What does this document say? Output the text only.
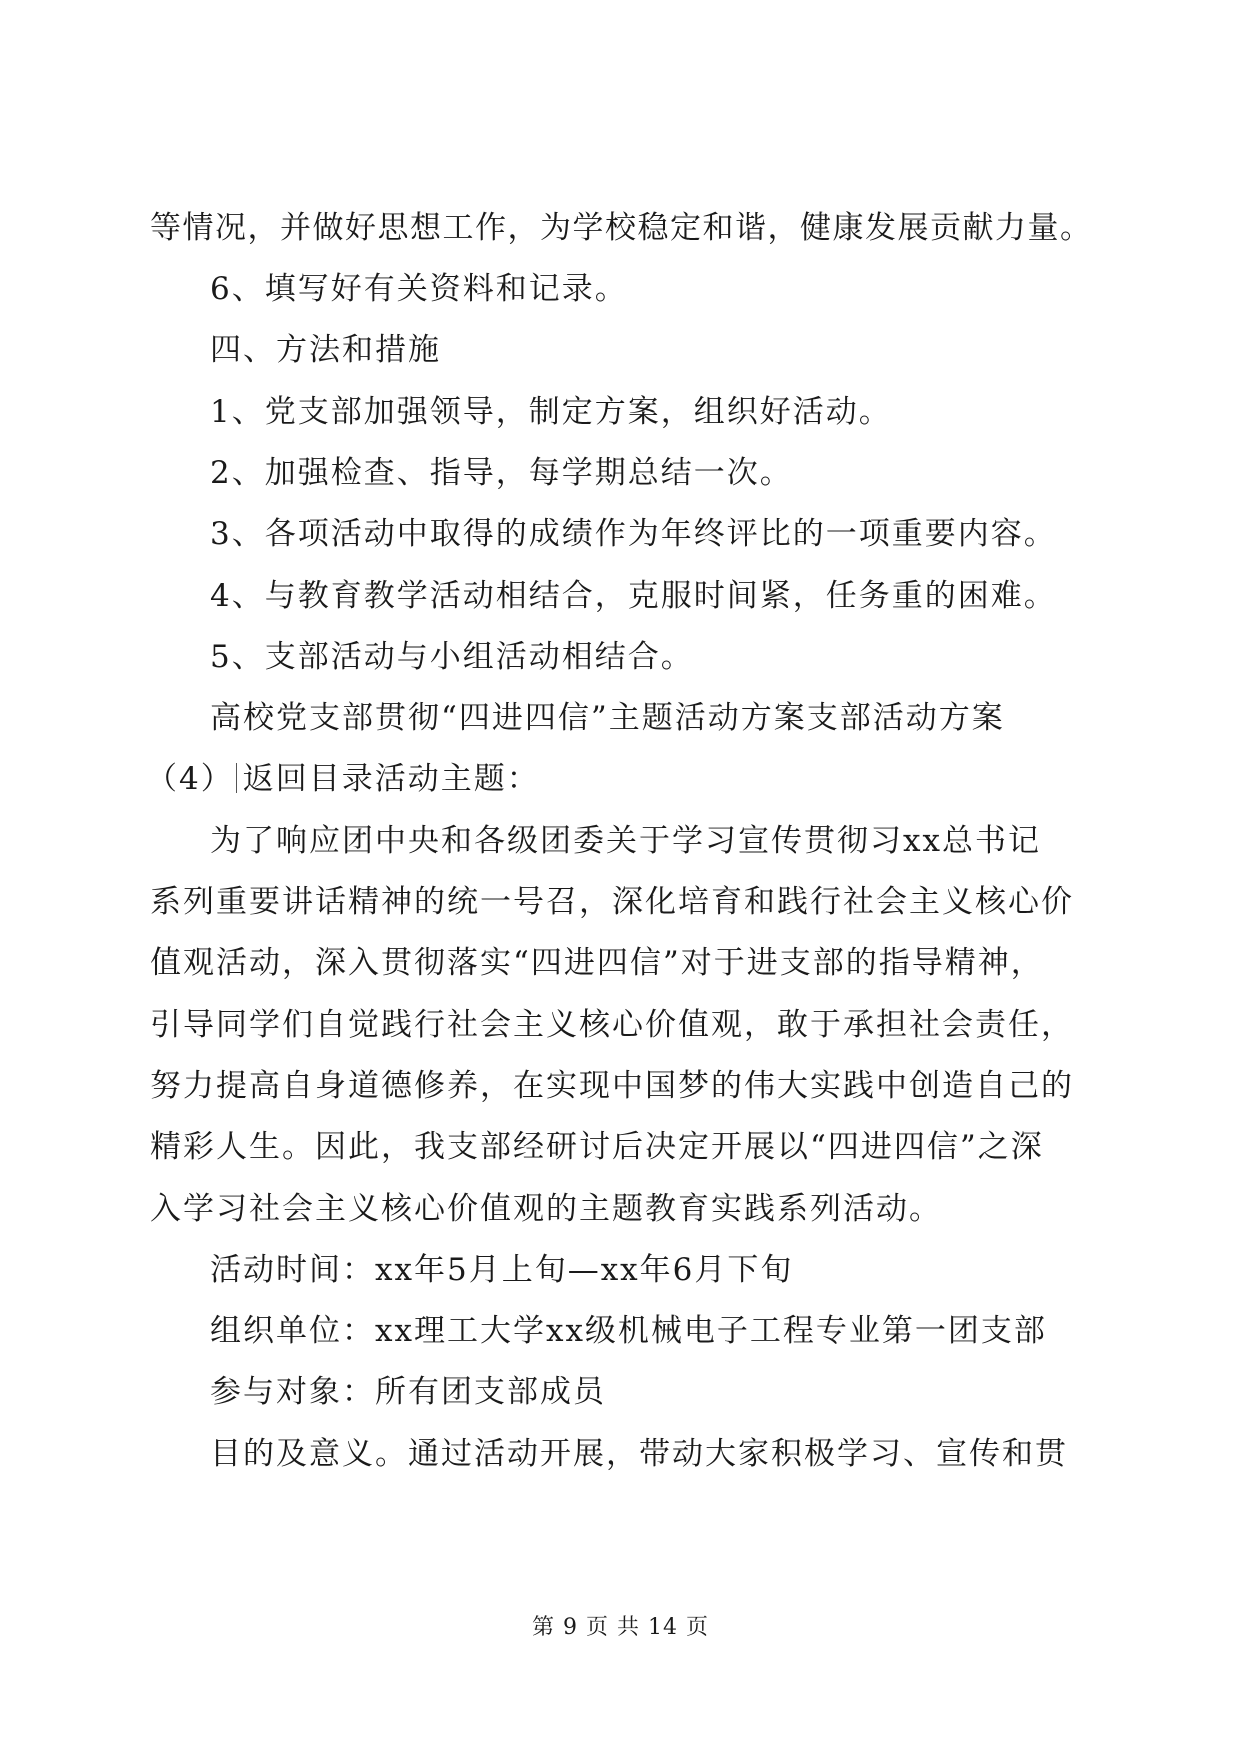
等情况，并做好思想工作，为学校稳定和谐，健康发展贡献力量。
6、填写好有关资料和记录。
四、方法和措施
1、党支部加强领导，制定方案，组织好活动。
2、加强检查、指导，每学期总结一次。
3、各项活动中取得的成绩作为年终评比的一项重要内容。
4、与教育教学活动相结合，克服时间紧，任务重的困难。
5、支部活动与小组活动相结合。
高校党支部贯彻“四进四信”主题活动方案支部活动方案
（4） 返回目录活动主题：
为了响应团中央和各级团委关于学习宣传贯彻习xx总书记
系列重要讲话精神的统一号召，深化培育和践行社会主义核心价
值观活动，深入贯彻落实“四进四信”对于进支部的指导精神，
引导同学们自觉践行社会主义核心价值观，敢于承担社会责任，
努力提高自身道德修养，在实现中国梦的伟大实践中创造自己的
精彩人生。因此，我支部经研讨后决定开展以“四进四信”之深
入学习社会主义核心价值观的主题教育实践系列活动。
活动时间：xx年5月上旬—xx年6月下旬
组织单位：xx理工大学xx级机械电子工程专业第一团支部
参与对象：所有团支部成员
目的及意义。通过活动开展，带动大家积极学习、宣传和贯
第 9 页 共 14 页
